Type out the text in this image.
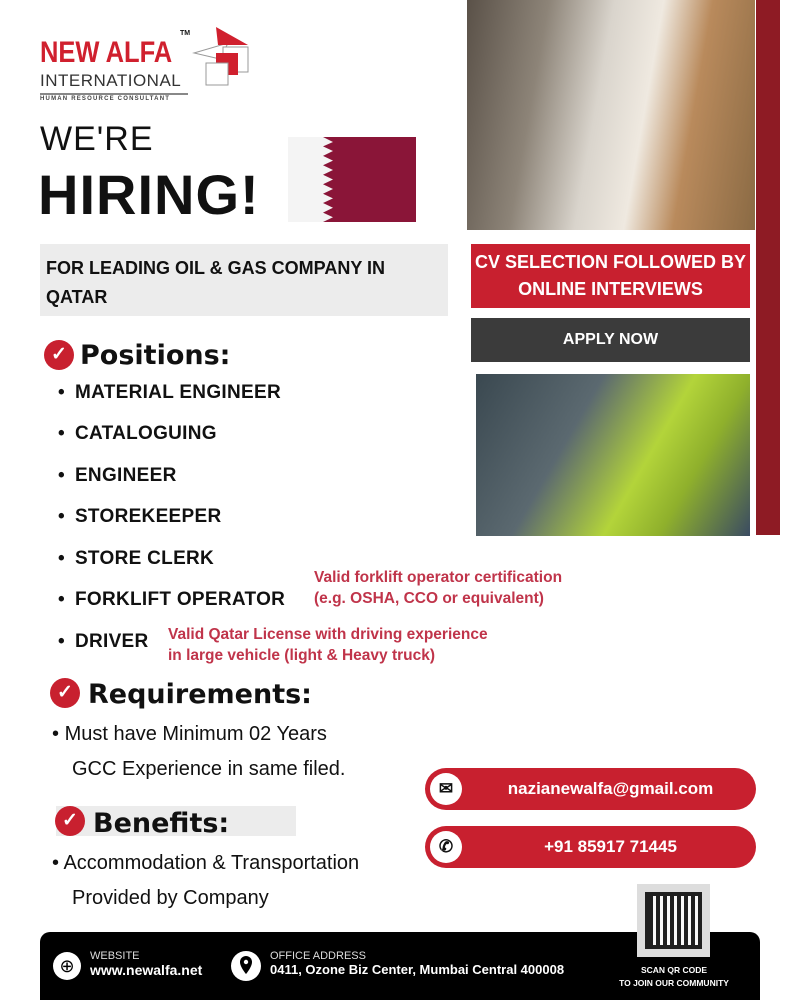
NEW ALFA
TM
INTERNATIONAL
HUMAN RESOURCE CONSULTANT
WE'RE
HIRING!
FOR LEADING OIL & GAS COMPANY IN QATAR
CV SELECTION FOLLOWED BY ONLINE INTERVIEWS
APPLY NOW
✓ Positions:
• MATERIAL ENGINEER
• CATALOGUING
• ENGINEER
• STOREKEEPER
• STORE CLERK
• FORKLIFT OPERATOR
• DRIVER
Valid forklift operator certification
(e.g. OSHA, CCO or equivalent)
Valid Qatar License with driving experience
in large vehicle (light & Heavy truck)
✓ Requirements:
• Must have Minimum 02 Years
GCC Experience in same filed.
✓ Benefits:
• Accommodation & Transportation
Provided by Company
✉	nazianewalfa@gmail.com
✆	+91 85917 71445
⊕	WEBSITE
www.newalfa.net
OFFICE ADDRESS
0411, Ozone Biz Center, Mumbai Central 400008	SCAN QR CODE
TO JOIN OUR COMMUNITY
